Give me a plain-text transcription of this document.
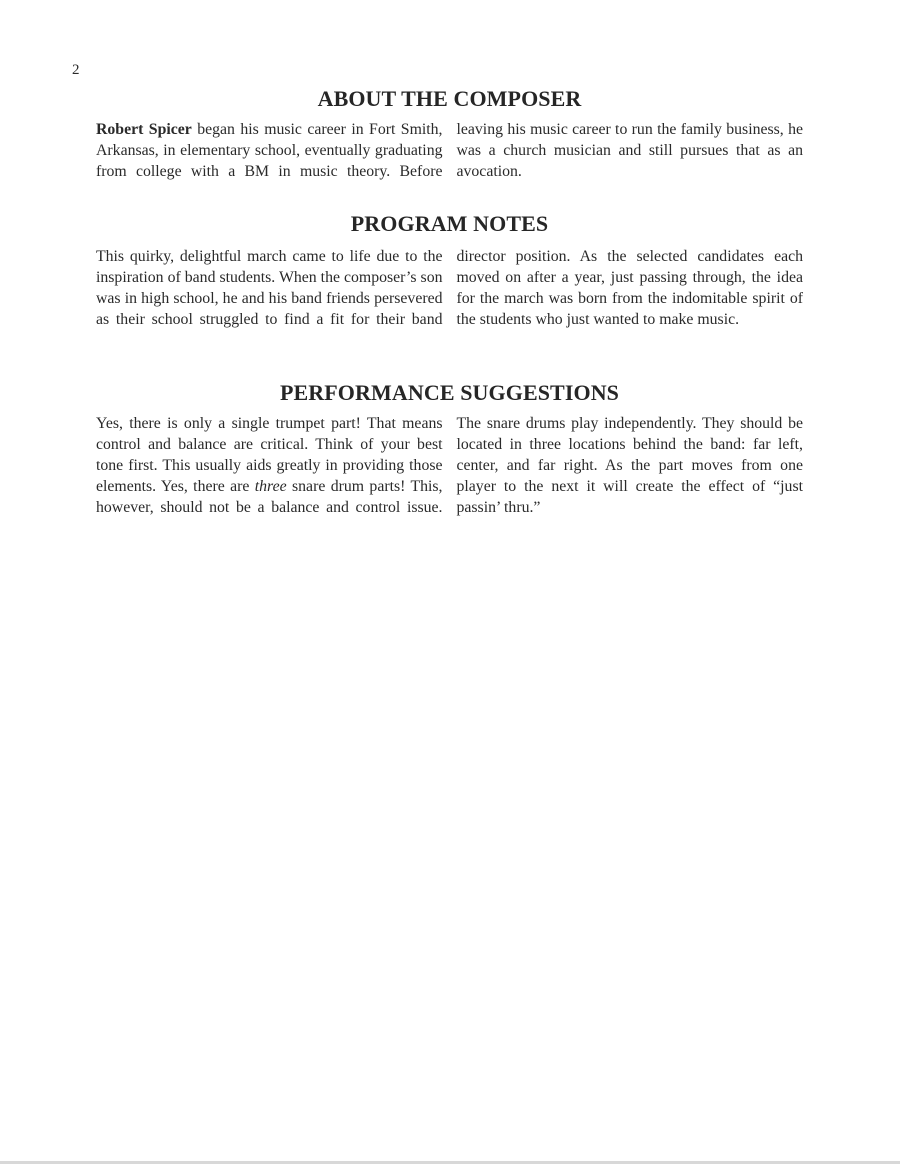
2
ABOUT THE COMPOSER

Robert Spicer began his music career in Fort Smith, Arkansas, in elementary school, eventually graduating from college with a BM in music theory. Before leaving his music career to run the family business, he was a church musician and still pursues that as an avocation.

PROGRAM NOTES

This quirky, delightful march came to life due to the inspiration of band students. When the composer’s son was in high school, he and his band friends persevered as their school struggled to find a fit for their band director position. As the selected candidates each moved on after a year, just passing through, the idea for the march was born from the indomitable spirit of the students who just wanted to make music.

PERFORMANCE SUGGESTIONS

Yes, there is only a single trumpet part! That means control and balance are critical. Think of your best tone first. This usually aids greatly in providing those elements. Yes, there are three snare drum parts! This, however, should not be a balance and control issue. The snare drums play independently. They should be located in three locations behind the band: far left, center, and far right. As the part moves from one player to the next it will create the effect of “just passin’ thru.”
